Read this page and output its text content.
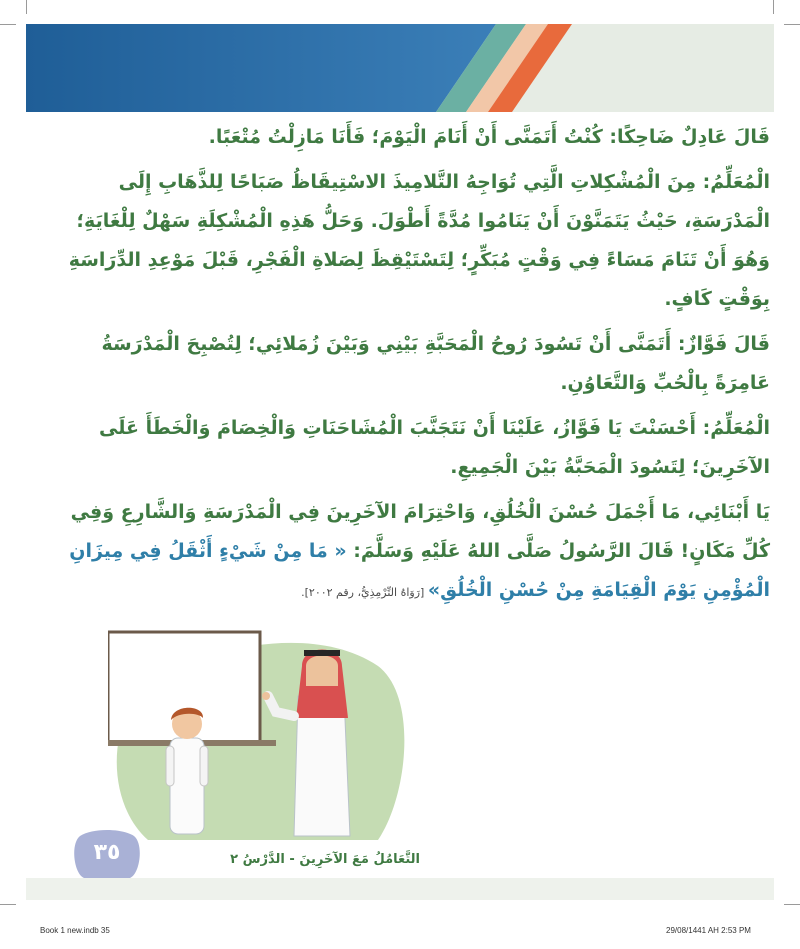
قَالَ عَادِلٌ ضَاحِكًا: كُنْتُ أَتَمَنَّى أَنْ أَنَامَ الْيَوْمَ؛ فَأَنَا مَازِلْتُ مُتْعَبًا.

الْمُعَلِّمُ: مِنَ الْمُشْكِلاتِ الَّتِي تُوَاجِهُ التَّلامِيذَ الاسْتِيقَاظُ صَبَاحًا لِلذَّهَابِ إِلَى الْمَدْرَسَةِ، حَيْثُ يَتَمَنَّوْنَ أَنْ يَنَامُوا مُدَّةً أَطْوَلَ. وَحَلُّ هَذِهِ الْمُشْكِلَةِ سَهْلٌ لِلْغَايَةِ؛ وَهُوَ أَنْ تَنَامَ مَسَاءً فِي وَقْتٍ مُبَكِّرٍ؛ لِتَسْتَيْقِظَ لِصَلاةِ الْفَجْرِ، قَبْلَ مَوْعِدِ الدِّرَاسَةِ بِوَقْتٍ كَافٍ.

قَالَ فَوَّازٌ: أَتَمَنَّى أَنْ تَسُودَ رُوحُ الْمَحَبَّةِ بَيْنِي وَبَيْنَ زُمَلائِي؛ لِتُصْبِحَ الْمَدْرَسَةُ عَامِرَةً بِالْحُبِّ وَالتَّعَاوُنِ.

الْمُعَلِّمُ: أَحْسَنْتَ يَا فَوَّازُ، عَلَيْنَا أَنْ نَتَجَنَّبَ الْمُشَاحَنَاتِ وَالْخِصَامَ وَالْخَطَأَ عَلَى الآخَرِينَ؛ لِتَسُودَ الْمَحَبَّةُ بَيْنَ الْجَمِيعِ.

يَا أَبْنَائِي، مَا أَجْمَلَ حُسْنَ الْخُلُقِ، وَاحْتِرَامَ الآخَرِينَ فِي الْمَدْرَسَةِ وَالشَّارِعِ وَفِي كُلِّ مَكَانٍ! قَالَ الرَّسُولُ صَلَّى اللهُ عَلَيْهِ وَسَلَّمَ: « مَا مِنْ شَيْءٍ أَثْقَلُ فِي مِيزَانِ الْمُؤْمِنِ يَوْمَ الْقِيَامَةِ مِنْ حُسْنِ الْخُلُقِ» [رَوَاهُ التِّرْمِذِيُّ، رقم ٢٠٠٢].

٣٥	التَّعَامُلُ مَعَ الآخَرِينَ - الدَّرْسُ ٢
Book 1 new.indb 35	29/08/1441 AH 2:53 PM
